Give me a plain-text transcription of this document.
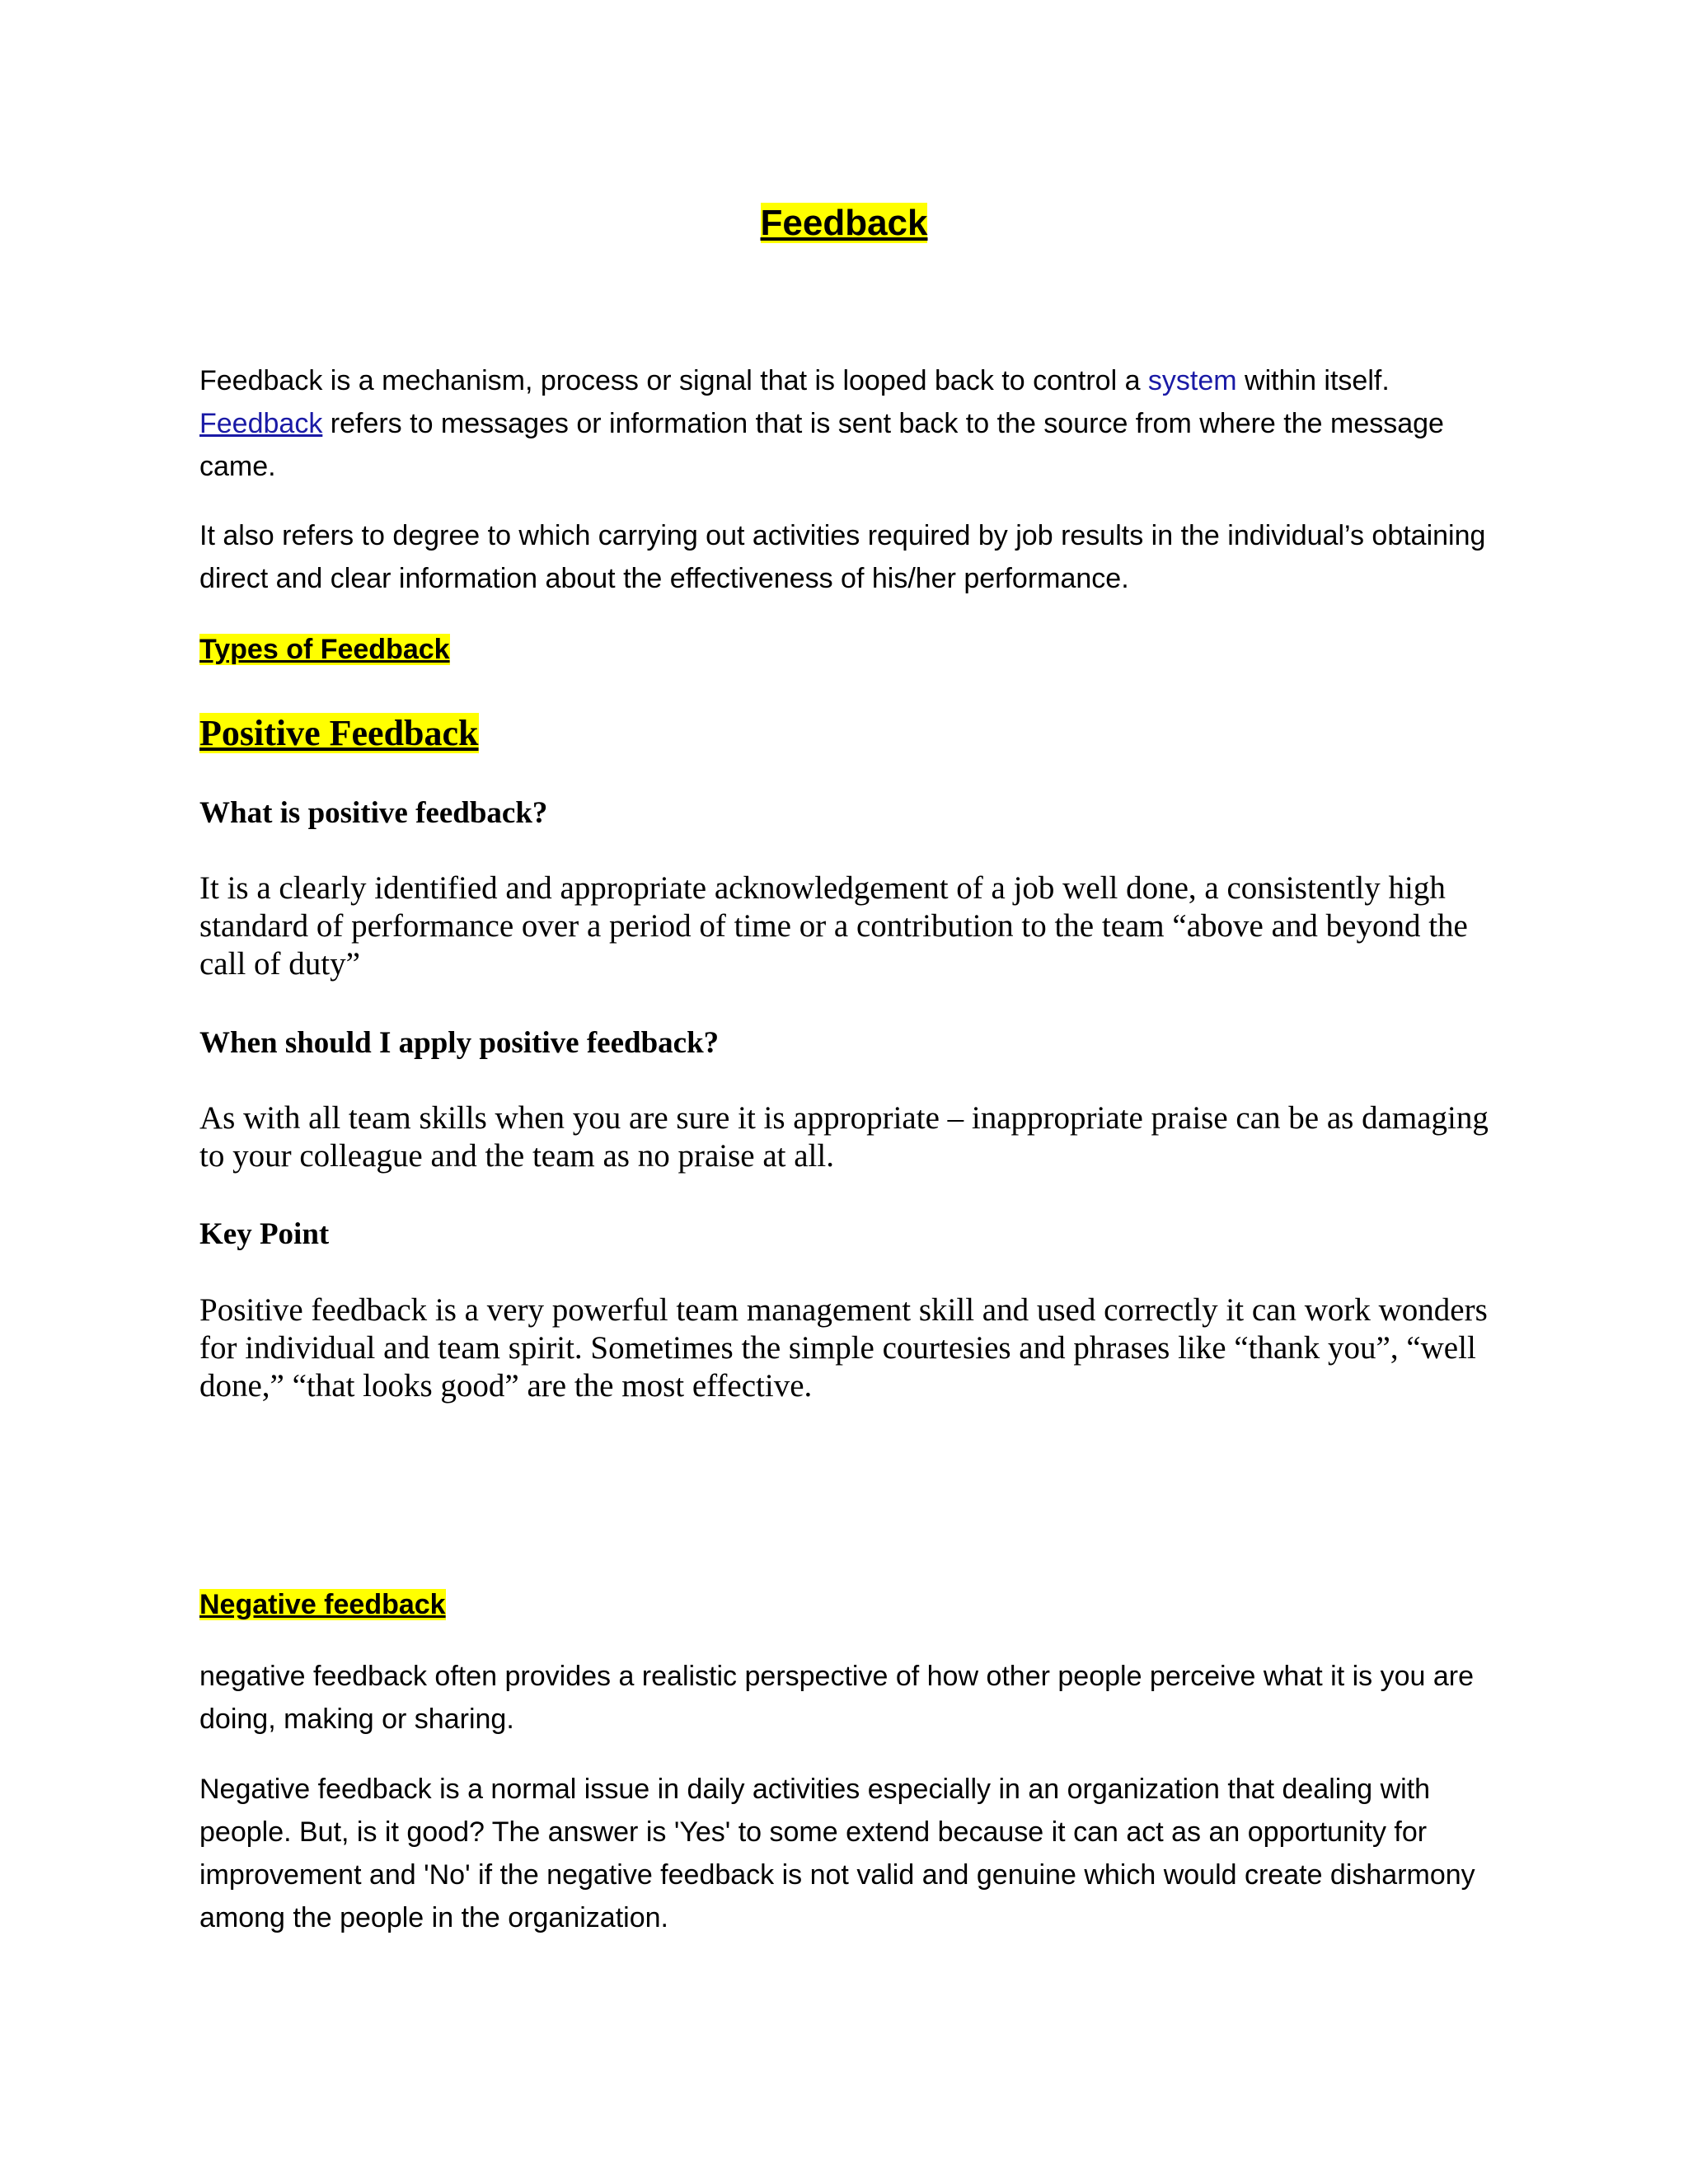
Feedback

Feedback is a mechanism, process or signal that is looped back to control a system within itself.
Feedback refers to messages or information that is sent back to the source from where the message came.

It also refers to degree to which carrying out activities required by job results in the individual’s obtaining direct and clear information about the effectiveness of his/her performance.

Types of Feedback
Positive Feedback
What is positive feedback?

It is a clearly identified and appropriate acknowledgement of a job well done, a consistently high standard of performance over a period of time or a contribution to the team “above and beyond the call of duty”

When should I apply positive feedback?

As with all team skills when you are sure it is appropriate – inappropriate praise can be as damaging to your colleague and the team as no praise at all.

Key Point

Positive feedback is a very powerful team management skill and used correctly it can work wonders for individual and team spirit. Sometimes the simple courtesies and phrases like “thank you”, “well done,” “that looks good” are the most effective.

Negative feedback

negative feedback often provides a realistic perspective of how other people perceive what it is you are doing, making or sharing.

Negative feedback is a normal issue in daily activities especially in an organization that dealing with people. But, is it good? The answer is 'Yes' to some extend because it can act as an opportunity for improvement and 'No' if the negative feedback is not valid and genuine which would create disharmony among the people in the organization.
